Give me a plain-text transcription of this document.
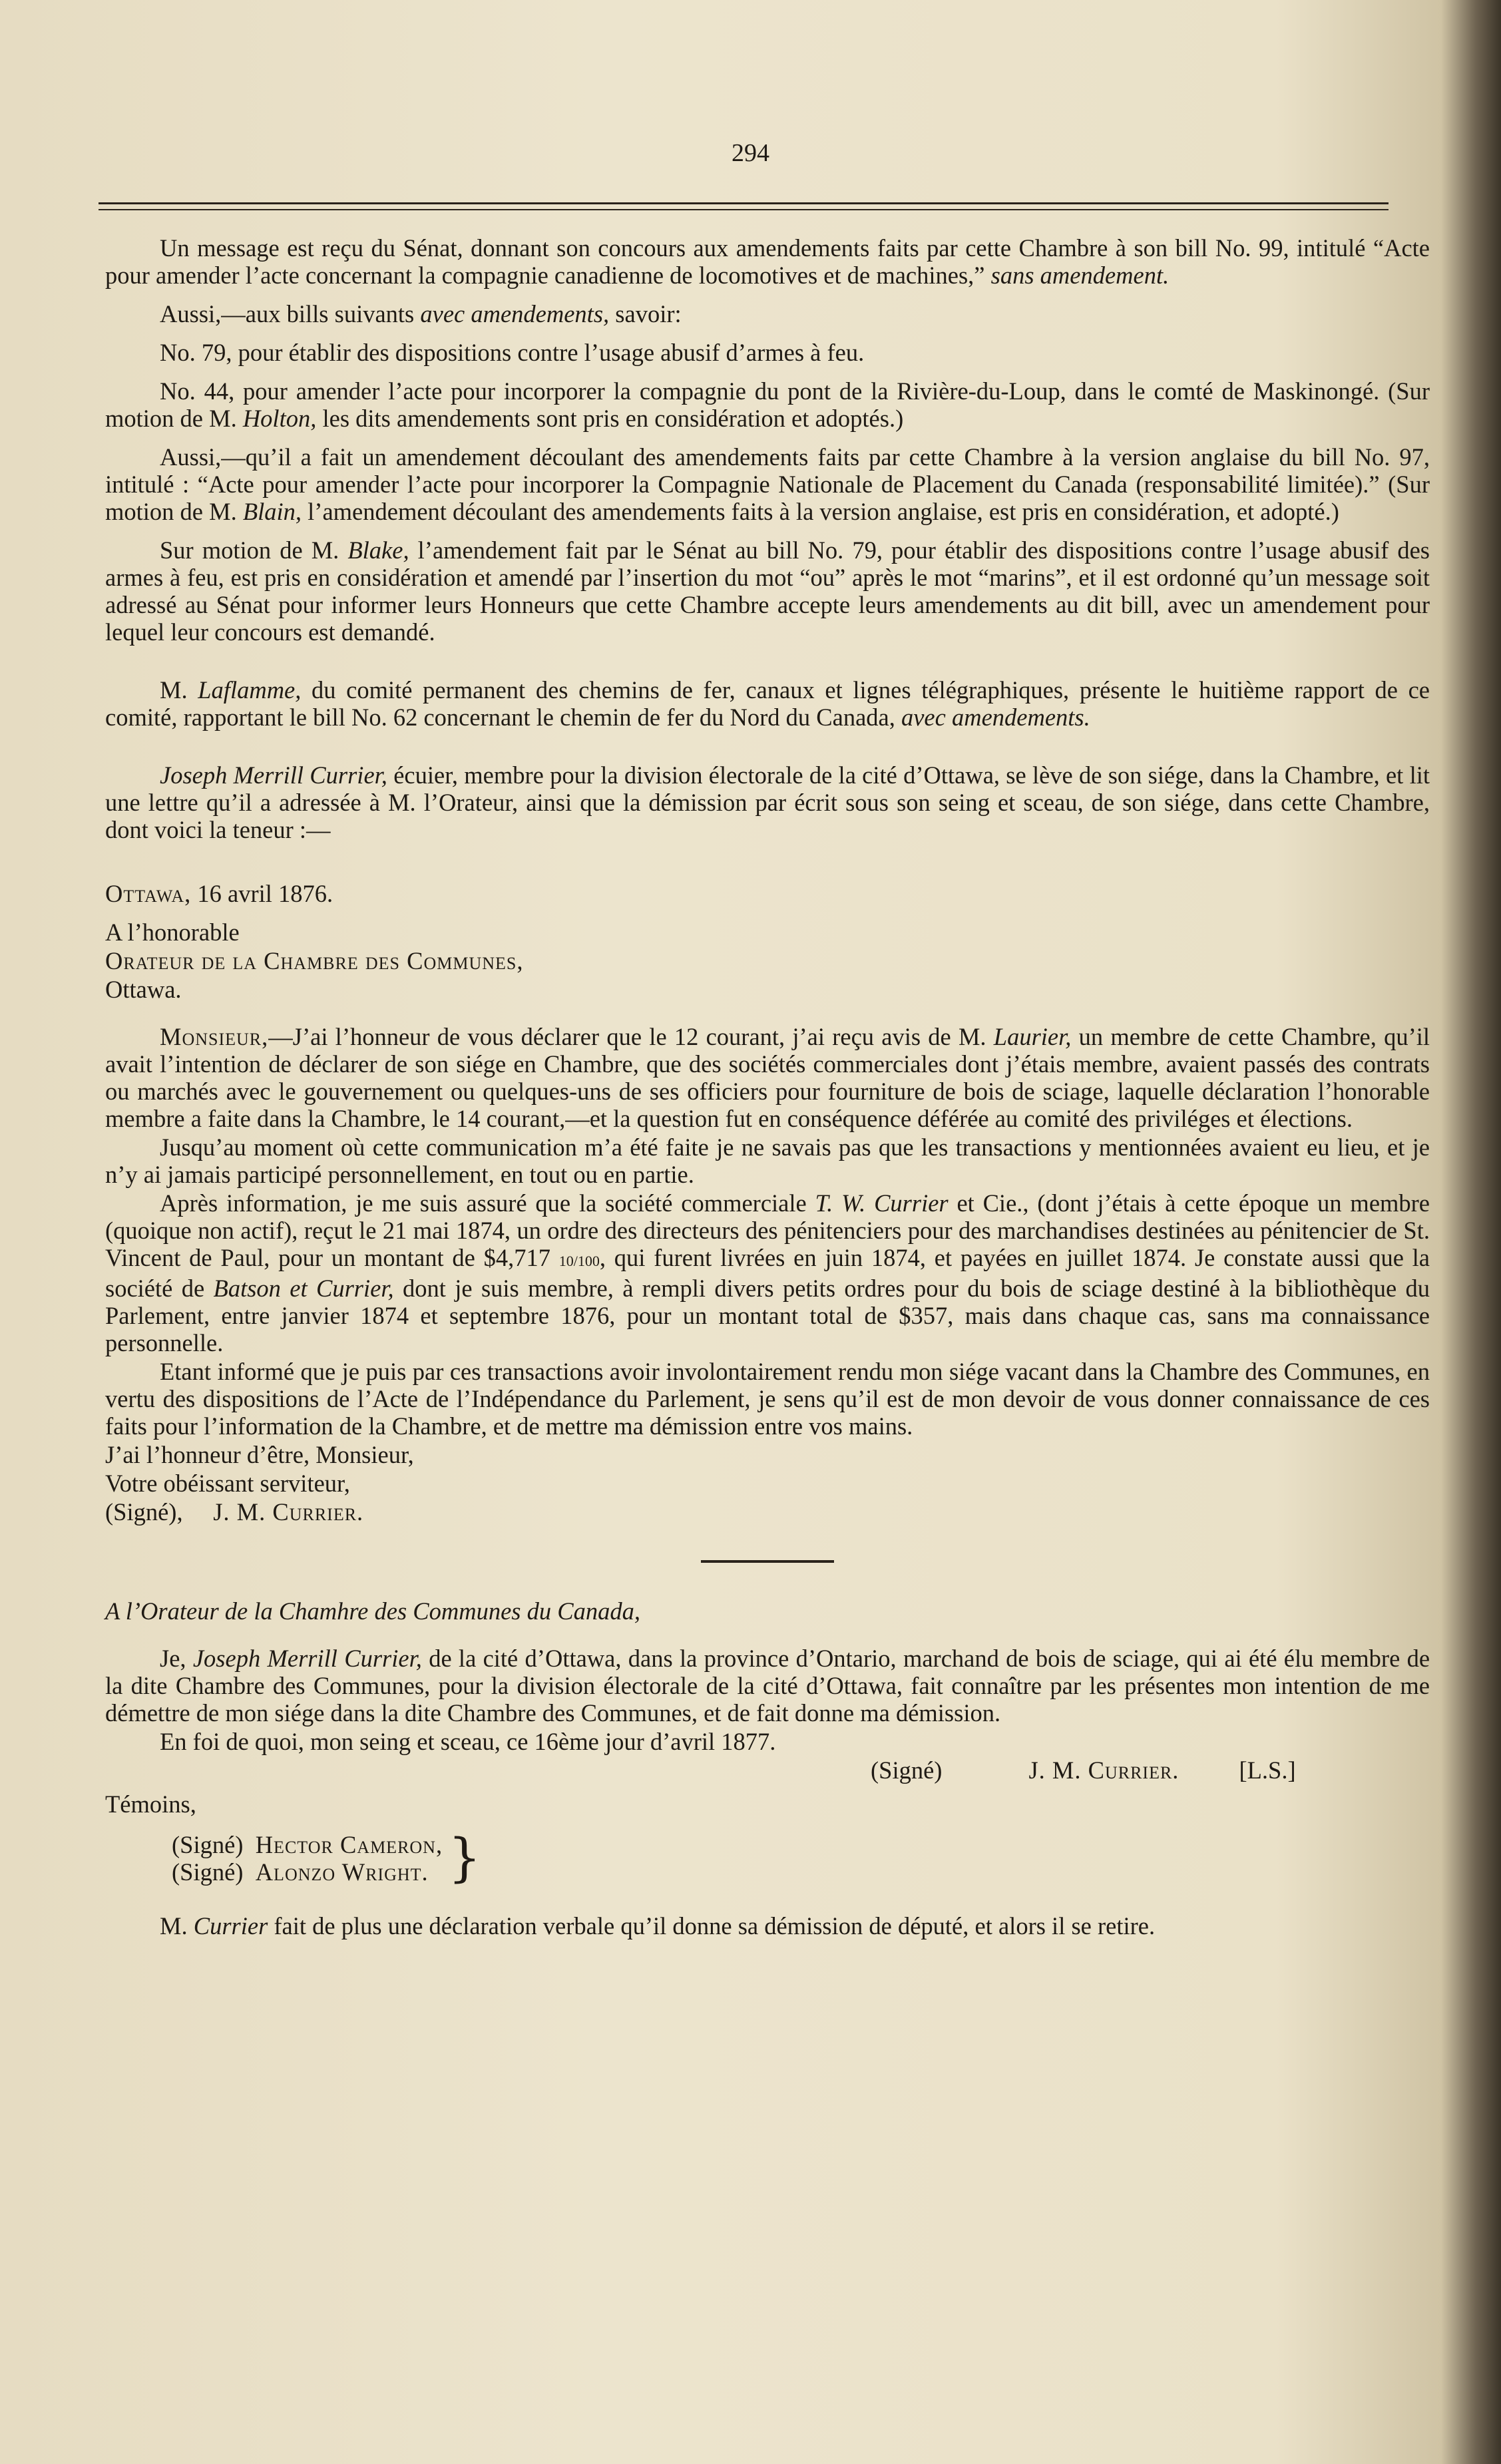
294

Un message est reçu du Sénat, donnant son concours aux amendements faits par cette Chambre à son bill No. 99, intitulé “Acte pour amender l’acte concernant la compagnie canadienne de locomotives et de machines,” sans amendement.

Aussi,—aux bills suivants avec amendements, savoir:

No. 79, pour établir des dispositions contre l’usage abusif d’armes à feu.

No. 44, pour amender l’acte pour incorporer la compagnie du pont de la Rivière-du-Loup, dans le comté de Maskinongé. (Sur motion de M. Holton, les dits amendements sont pris en considération et adoptés.)

Aussi,—qu’il a fait un amendement découlant des amendements faits par cette Chambre à la version anglaise du bill No. 97, intitulé : “Acte pour amender l’acte pour incorporer la Compagnie Nationale de Placement du Canada (responsabilité limitée).” (Sur motion de M. Blain, l’amendement découlant des amendements faits à la version anglaise, est pris en considération, et adopté.)

Sur motion de M. Blake, l’amendement fait par le Sénat au bill No. 79, pour établir des dispositions contre l’usage abusif des armes à feu, est pris en considération et amendé par l’insertion du mot “ou” après le mot “marins”, et il est ordonné qu’un message soit adressé au Sénat pour informer leurs Honneurs que cette Chambre accepte leurs amendements au dit bill, avec un amendement pour lequel leur concours est demandé.

M. Laflamme, du comité permanent des chemins de fer, canaux et lignes télégraphiques, présente le huitième rapport de ce comité, rapportant le bill No. 62 concernant le chemin de fer du Nord du Canada, avec amendements.

Joseph Merrill Currier, écuier, membre pour la division électorale de la cité d’Ottawa, se lève de son siége, dans la Chambre, et lit une lettre qu’il a adressée à M. l’Orateur, ainsi que la démission par écrit sous son seing et sceau, de son siége, dans cette Chambre, dont voici la teneur :—

Ottawa, 16 avril 1876.

A l’honorable

Orateur de la Chambre des Communes,

Ottawa.

Monsieur,—J’ai l’honneur de vous déclarer que le 12 courant, j’ai reçu avis de M. Laurier, un membre de cette Chambre, qu’il avait l’intention de déclarer de son siége en Chambre, que des sociétés commerciales dont j’étais membre, avaient passés des contrats ou marchés avec le gouvernement ou quelques-uns de ses officiers pour fourniture de bois de sciage, laquelle déclaration l’honorable membre a faite dans la Chambre, le 14 courant,—et la question fut en conséquence déférée au comité des priviléges et élections.

Jusqu’au moment où cette communication m’a été faite je ne savais pas que les transactions y mentionnées avaient eu lieu, et je n’y ai jamais participé personnellement, en tout ou en partie.

Après information, je me suis assuré que la société commerciale T. W. Currier et Cie., (dont j’étais à cette époque un membre (quoique non actif), reçut le 21 mai 1874, un ordre des directeurs des pénitenciers pour des marchandises destinées au pénitencier de St. Vincent de Paul, pour un montant de $4,717 10/100, qui furent livrées en juin 1874, et payées en juillet 1874. Je constate aussi que la société de Batson et Currier, dont je suis membre, à rempli divers petits ordres pour du bois de sciage destiné à la bibliothèque du Parlement, entre janvier 1874 et septembre 1876, pour un montant total de $357, mais dans chaque cas, sans ma connaissance personnelle.

Etant informé que je puis par ces transactions avoir involontairement rendu mon siége vacant dans la Chambre des Communes, en vertu des dispositions de l’Acte de l’Indépendance du Parlement, je sens qu’il est de mon devoir de vous donner connaissance de ces faits pour l’information de la Chambre, et de mettre ma démission entre vos mains.

J’ai l’honneur d’être, Monsieur,

Votre obéissant serviteur,

(Signé), J. M. Currier.

A l’Orateur de la Chamhre des Communes du Canada,

Je, Joseph Merrill Currier, de la cité d’Ottawa, dans la province d’Ontario, marchand de bois de sciage, qui ai été élu membre de la dite Chambre des Communes, pour la division électorale de la cité d’Ottawa, fait connaître par les présentes mon intention de me démettre de mon siége dans la dite Chambre des Communes, et de fait donne ma démission.

En foi de quoi, mon seing et sceau, ce 16ème jour d’avril 1877.

(Signé)	J. M. Currier. [L.S.]

Témoins,

(Signé) Hector Cameron,
(Signé) Alonzo Wright. }

M. Currier fait de plus une déclaration verbale qu’il donne sa démission de député, et alors il se retire.
